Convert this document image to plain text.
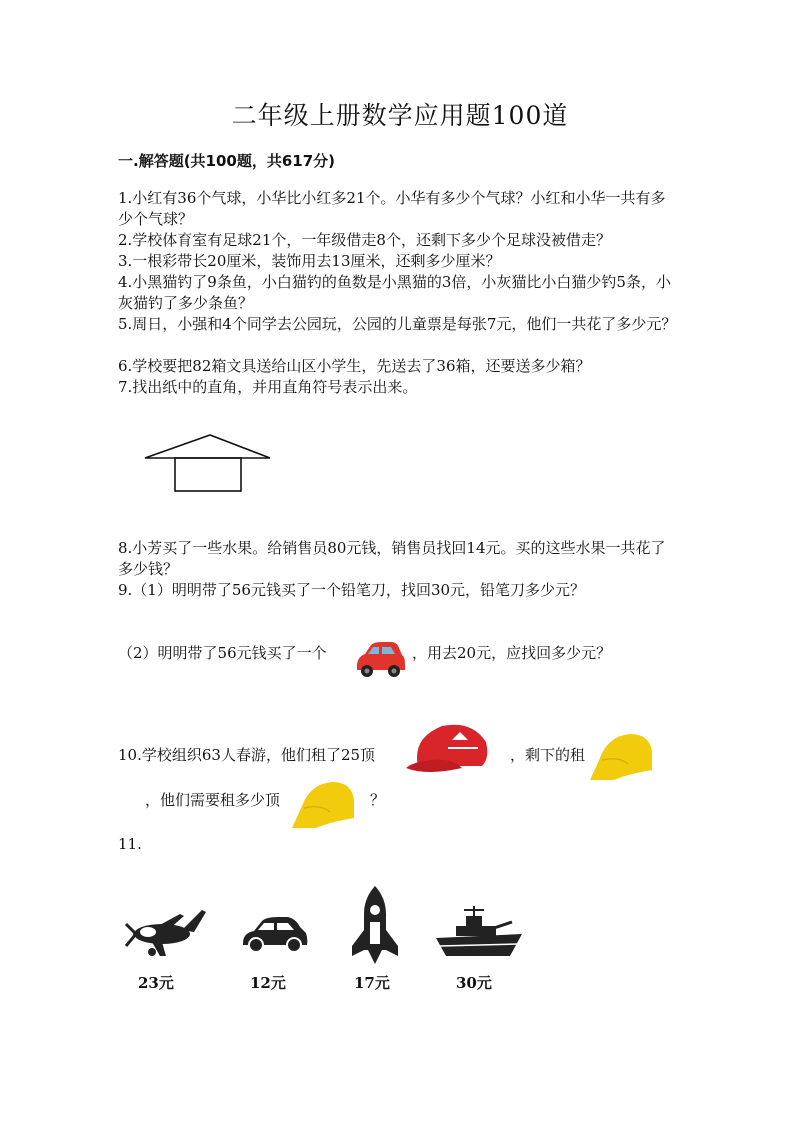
二年级上册数学应用题100道
一.解答题(共100题，共617分)
1.小红有36个气球，小华比小红多21个。小华有多少个气球？小红和小华一共有多少个气球？
2.学校体育室有足球21个，一年级借走8个，还剩下多少个足球没被借走？
3.一根彩带长20厘米，装饰用去13厘米，还剩多少厘米？
4.小黑猫钓了9条鱼，小白猫钓的鱼数是小黑猫的3倍，小灰猫比小白猫少钓5条，小灰猫钓了多少条鱼？
5.周日，小强和4个同学去公园玩，公园的儿童票是每张7元，他们一共花了多少元？
6.学校要把82箱文具送给山区小学生，先送去了36箱，还要送多少箱？
7.找出纸中的直角，并用直角符号表示出来。
8.小芳买了一些水果。给销售员80元钱，销售员找回14元。买的这些水果一共花了多少钱？
9.（1）明明带了56元钱买了一个铅笔刀，找回30元，铅笔刀多少元？
（2）明明带了56元钱买了一个	，用去20元，应找回多少元？
10.学校组织63人春游，他们租了25顶	，剩下的租
，他们需要租多少顶	？
11.
23元	12元	17元	30元
